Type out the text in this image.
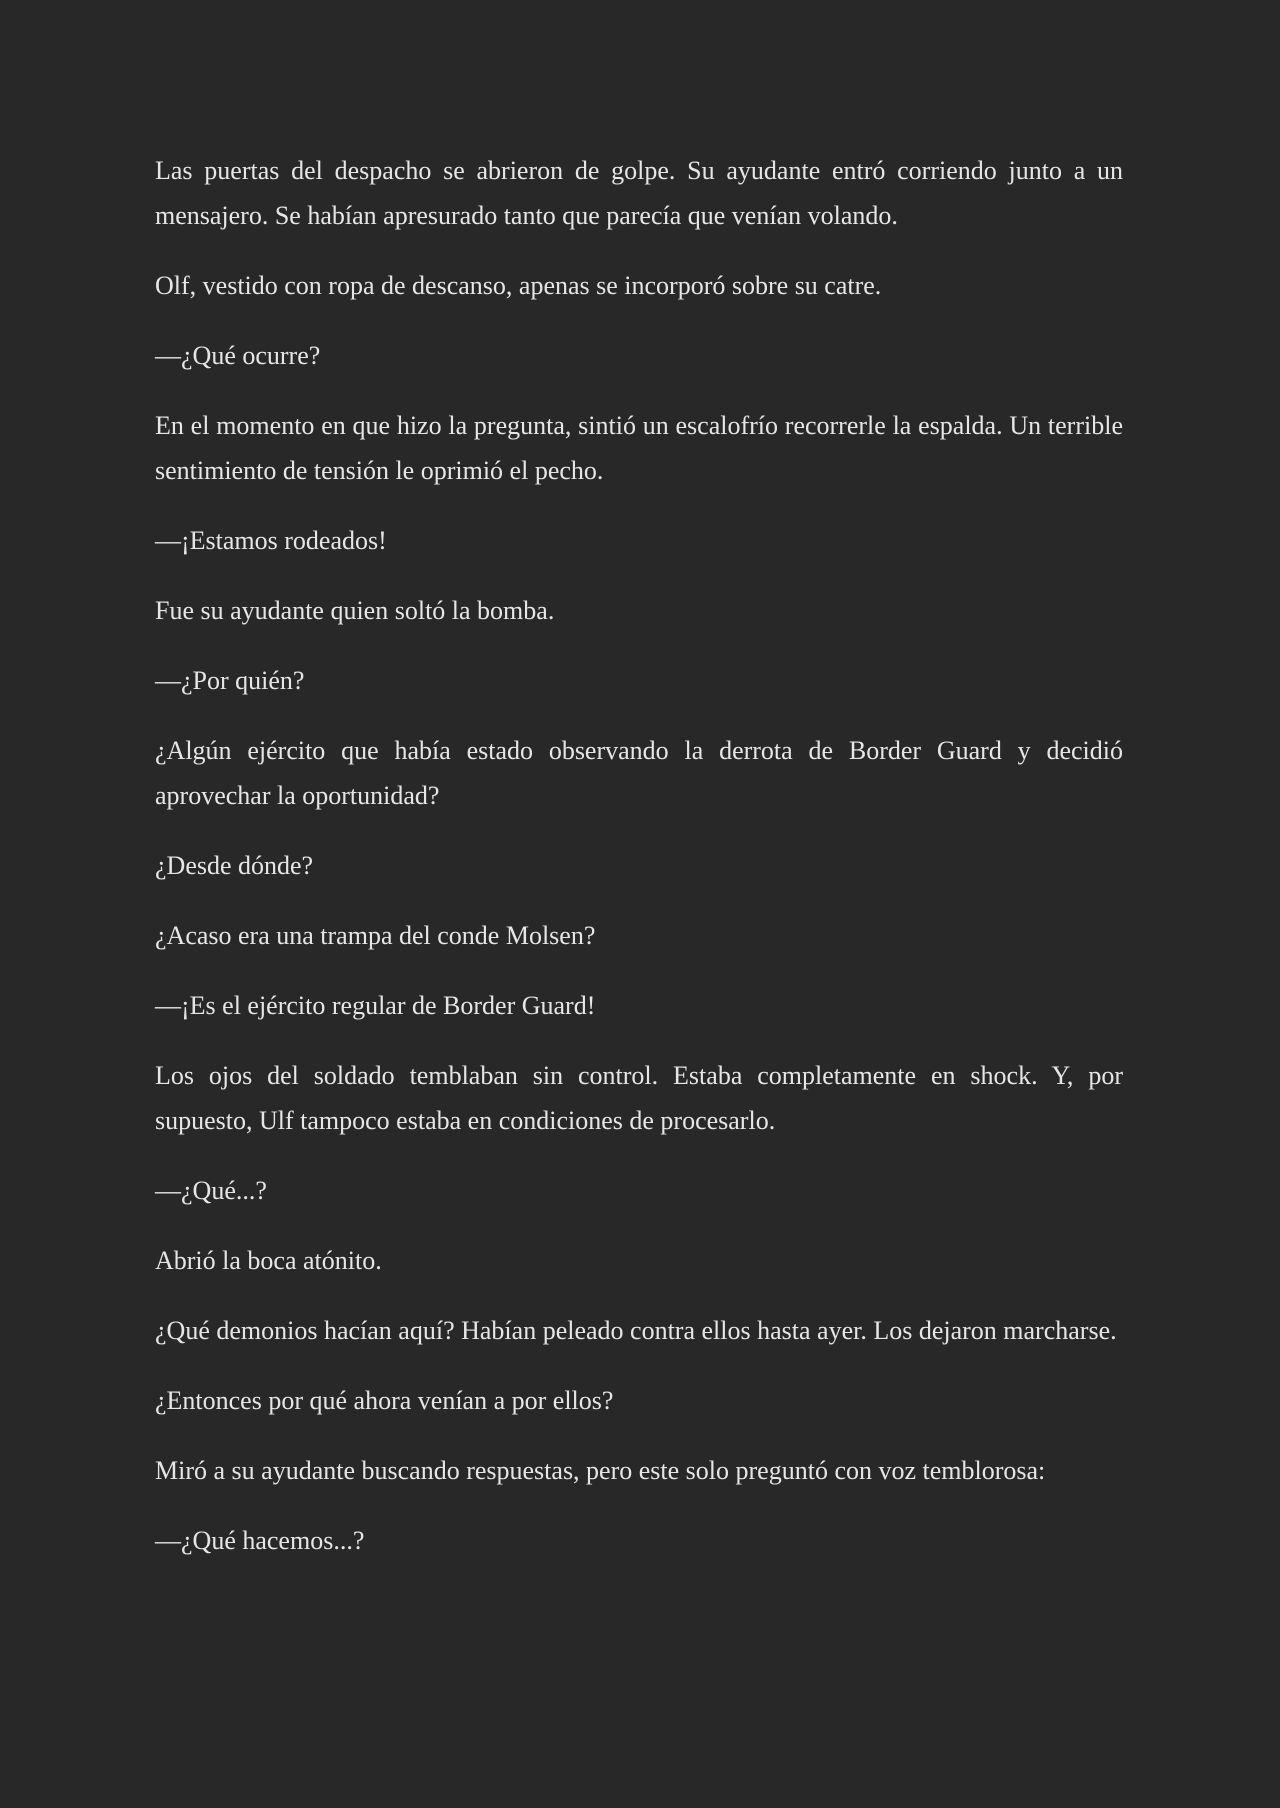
Las puertas del despacho se abrieron de golpe. Su ayudante entró corriendo junto a un mensajero. Se habían apresurado tanto que parecía que venían volando.

Olf, vestido con ropa de descanso, apenas se incorporó sobre su catre.

—¿Qué ocurre?

En el momento en que hizo la pregunta, sintió un escalofrío recorrerle la espalda. Un terrible sentimiento de tensión le oprimió el pecho.

—¡Estamos rodeados!

Fue su ayudante quien soltó la bomba.

—¿Por quién?

¿Algún ejército que había estado observando la derrota de Border Guard y decidió aprovechar la oportunidad?

¿Desde dónde?

¿Acaso era una trampa del conde Molsen?

—¡Es el ejército regular de Border Guard!

Los ojos del soldado temblaban sin control. Estaba completamente en shock. Y, por supuesto, Ulf tampoco estaba en condiciones de procesarlo.

—¿Qué...?

Abrió la boca atónito.

¿Qué demonios hacían aquí? Habían peleado contra ellos hasta ayer. Los dejaron marcharse.

¿Entonces por qué ahora venían a por ellos?

Miró a su ayudante buscando respuestas, pero este solo preguntó con voz temblorosa:

—¿Qué hacemos...?
